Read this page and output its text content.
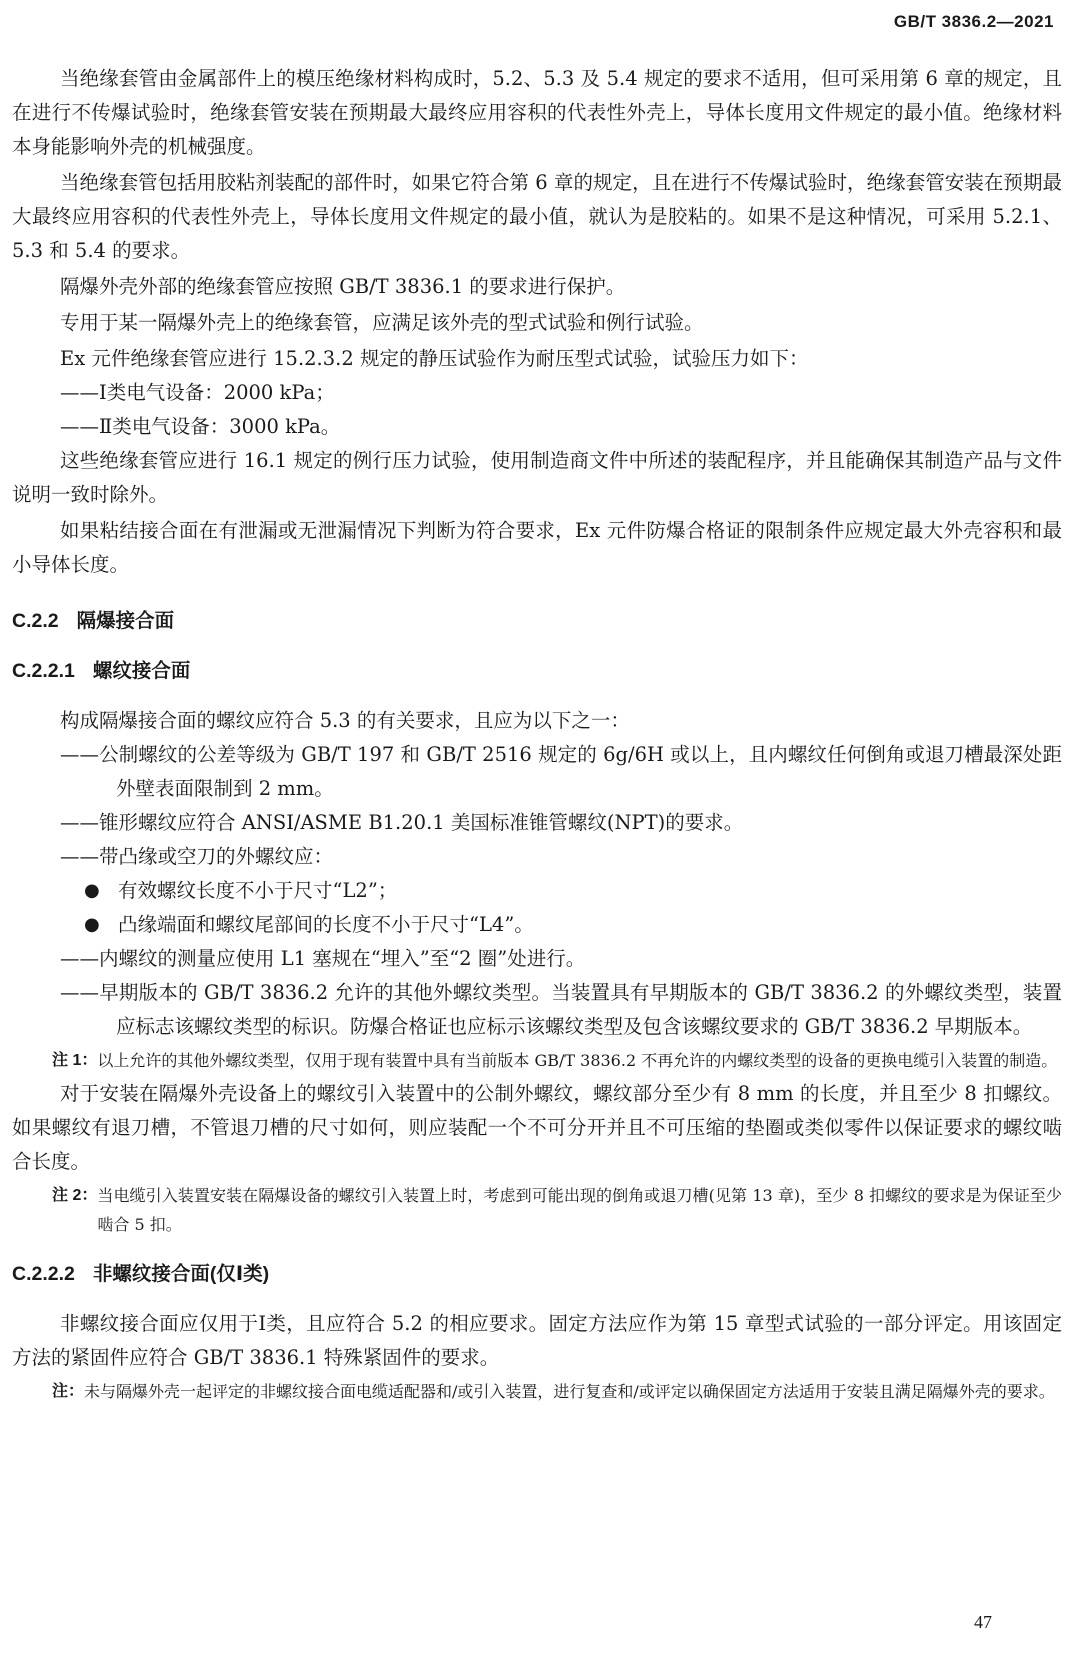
GB/T 3836.2—2021

当绝缘套管由金属部件上的模压绝缘材料构成时，5.2、5.3 及 5.4 规定的要求不适用，但可采用第 6 章的规定，且在进行不传爆试验时，绝缘套管安装在预期最大最终应用容积的代表性外壳上，导体长度用文件规定的最小值。绝缘材料本身能影响外壳的机械强度。

当绝缘套管包括用胶粘剂装配的部件时，如果它符合第 6 章的规定，且在进行不传爆试验时，绝缘套管安装在预期最大最终应用容积的代表性外壳上，导体长度用文件规定的最小值，就认为是胶粘的。如果不是这种情况，可采用 5.2.1、5.3 和 5.4 的要求。

隔爆外壳外部的绝缘套管应按照 GB/T 3836.1 的要求进行保护。

专用于某一隔爆外壳上的绝缘套管，应满足该外壳的型式试验和例行试验。

Ex 元件绝缘套管应进行 15.2.3.2 规定的静压试验作为耐压型式试验，试验压力如下：

——Ⅰ类电气设备：2000 kPa；

——Ⅱ类电气设备：3000 kPa。

这些绝缘套管应进行 16.1 规定的例行压力试验，使用制造商文件中所述的装配程序，并且能确保其制造产品与文件说明一致时除外。

如果粘结接合面在有泄漏或无泄漏情况下判断为符合要求，Ex 元件防爆合格证的限制条件应规定最大外壳容积和最小导体长度。

C.2.2 隔爆接合面
C.2.2.1 螺纹接合面

构成隔爆接合面的螺纹应符合 5.3 的有关要求，且应为以下之一：

——公制螺纹的公差等级为 GB/T 197 和 GB/T 2516 规定的 6g/6H 或以上，且内螺纹任何倒角或退刀槽最深处距外壁表面限制到 2 mm。

——锥形螺纹应符合 ANSI/ASME B1.20.1 美国标准锥管螺纹(NPT)的要求。

——带凸缘或空刀的外螺纹应：

● 有效螺纹长度不小于尺寸“L2”；
● 凸缘端面和螺纹尾部间的长度不小于尺寸“L4”。

——内螺纹的测量应使用 L1 塞规在“埋入”至“2 圈”处进行。

——早期版本的 GB/T 3836.2 允许的其他外螺纹类型。当装置具有早期版本的 GB/T 3836.2 的外螺纹类型，装置应标志该螺纹类型的标识。防爆合格证也应标示该螺纹类型及包含该螺纹要求的 GB/T 3836.2 早期版本。

注 1： 以上允许的其他外螺纹类型，仅用于现有装置中具有当前版本 GB/T 3836.2 不再允许的内螺纹类型的设备的更换电缆引入装置的制造。

对于安装在隔爆外壳设备上的螺纹引入装置中的公制外螺纹，螺纹部分至少有 8 mm 的长度，并且至少 8 扣螺纹。如果螺纹有退刀槽，不管退刀槽的尺寸如何，则应装配一个不可分开并且不可压缩的垫圈或类似零件以保证要求的螺纹啮合长度。

注 2： 当电缆引入装置安装在隔爆设备的螺纹引入装置上时，考虑到可能出现的倒角或退刀槽(见第 13 章)，至少 8 扣螺纹的要求是为保证至少啮合 5 扣。
C.2.2.2 非螺纹接合面(仅Ⅰ类)

非螺纹接合面应仅用于Ⅰ类，且应符合 5.2 的相应要求。固定方法应作为第 15 章型式试验的一部分评定。用该固定方法的紧固件应符合 GB/T 3836.1 特殊紧固件的要求。

注： 未与隔爆外壳一起评定的非螺纹接合面电缆适配器和/或引入装置，进行复查和/或评定以确保固定方法适用于安装且满足隔爆外壳的要求。
47
